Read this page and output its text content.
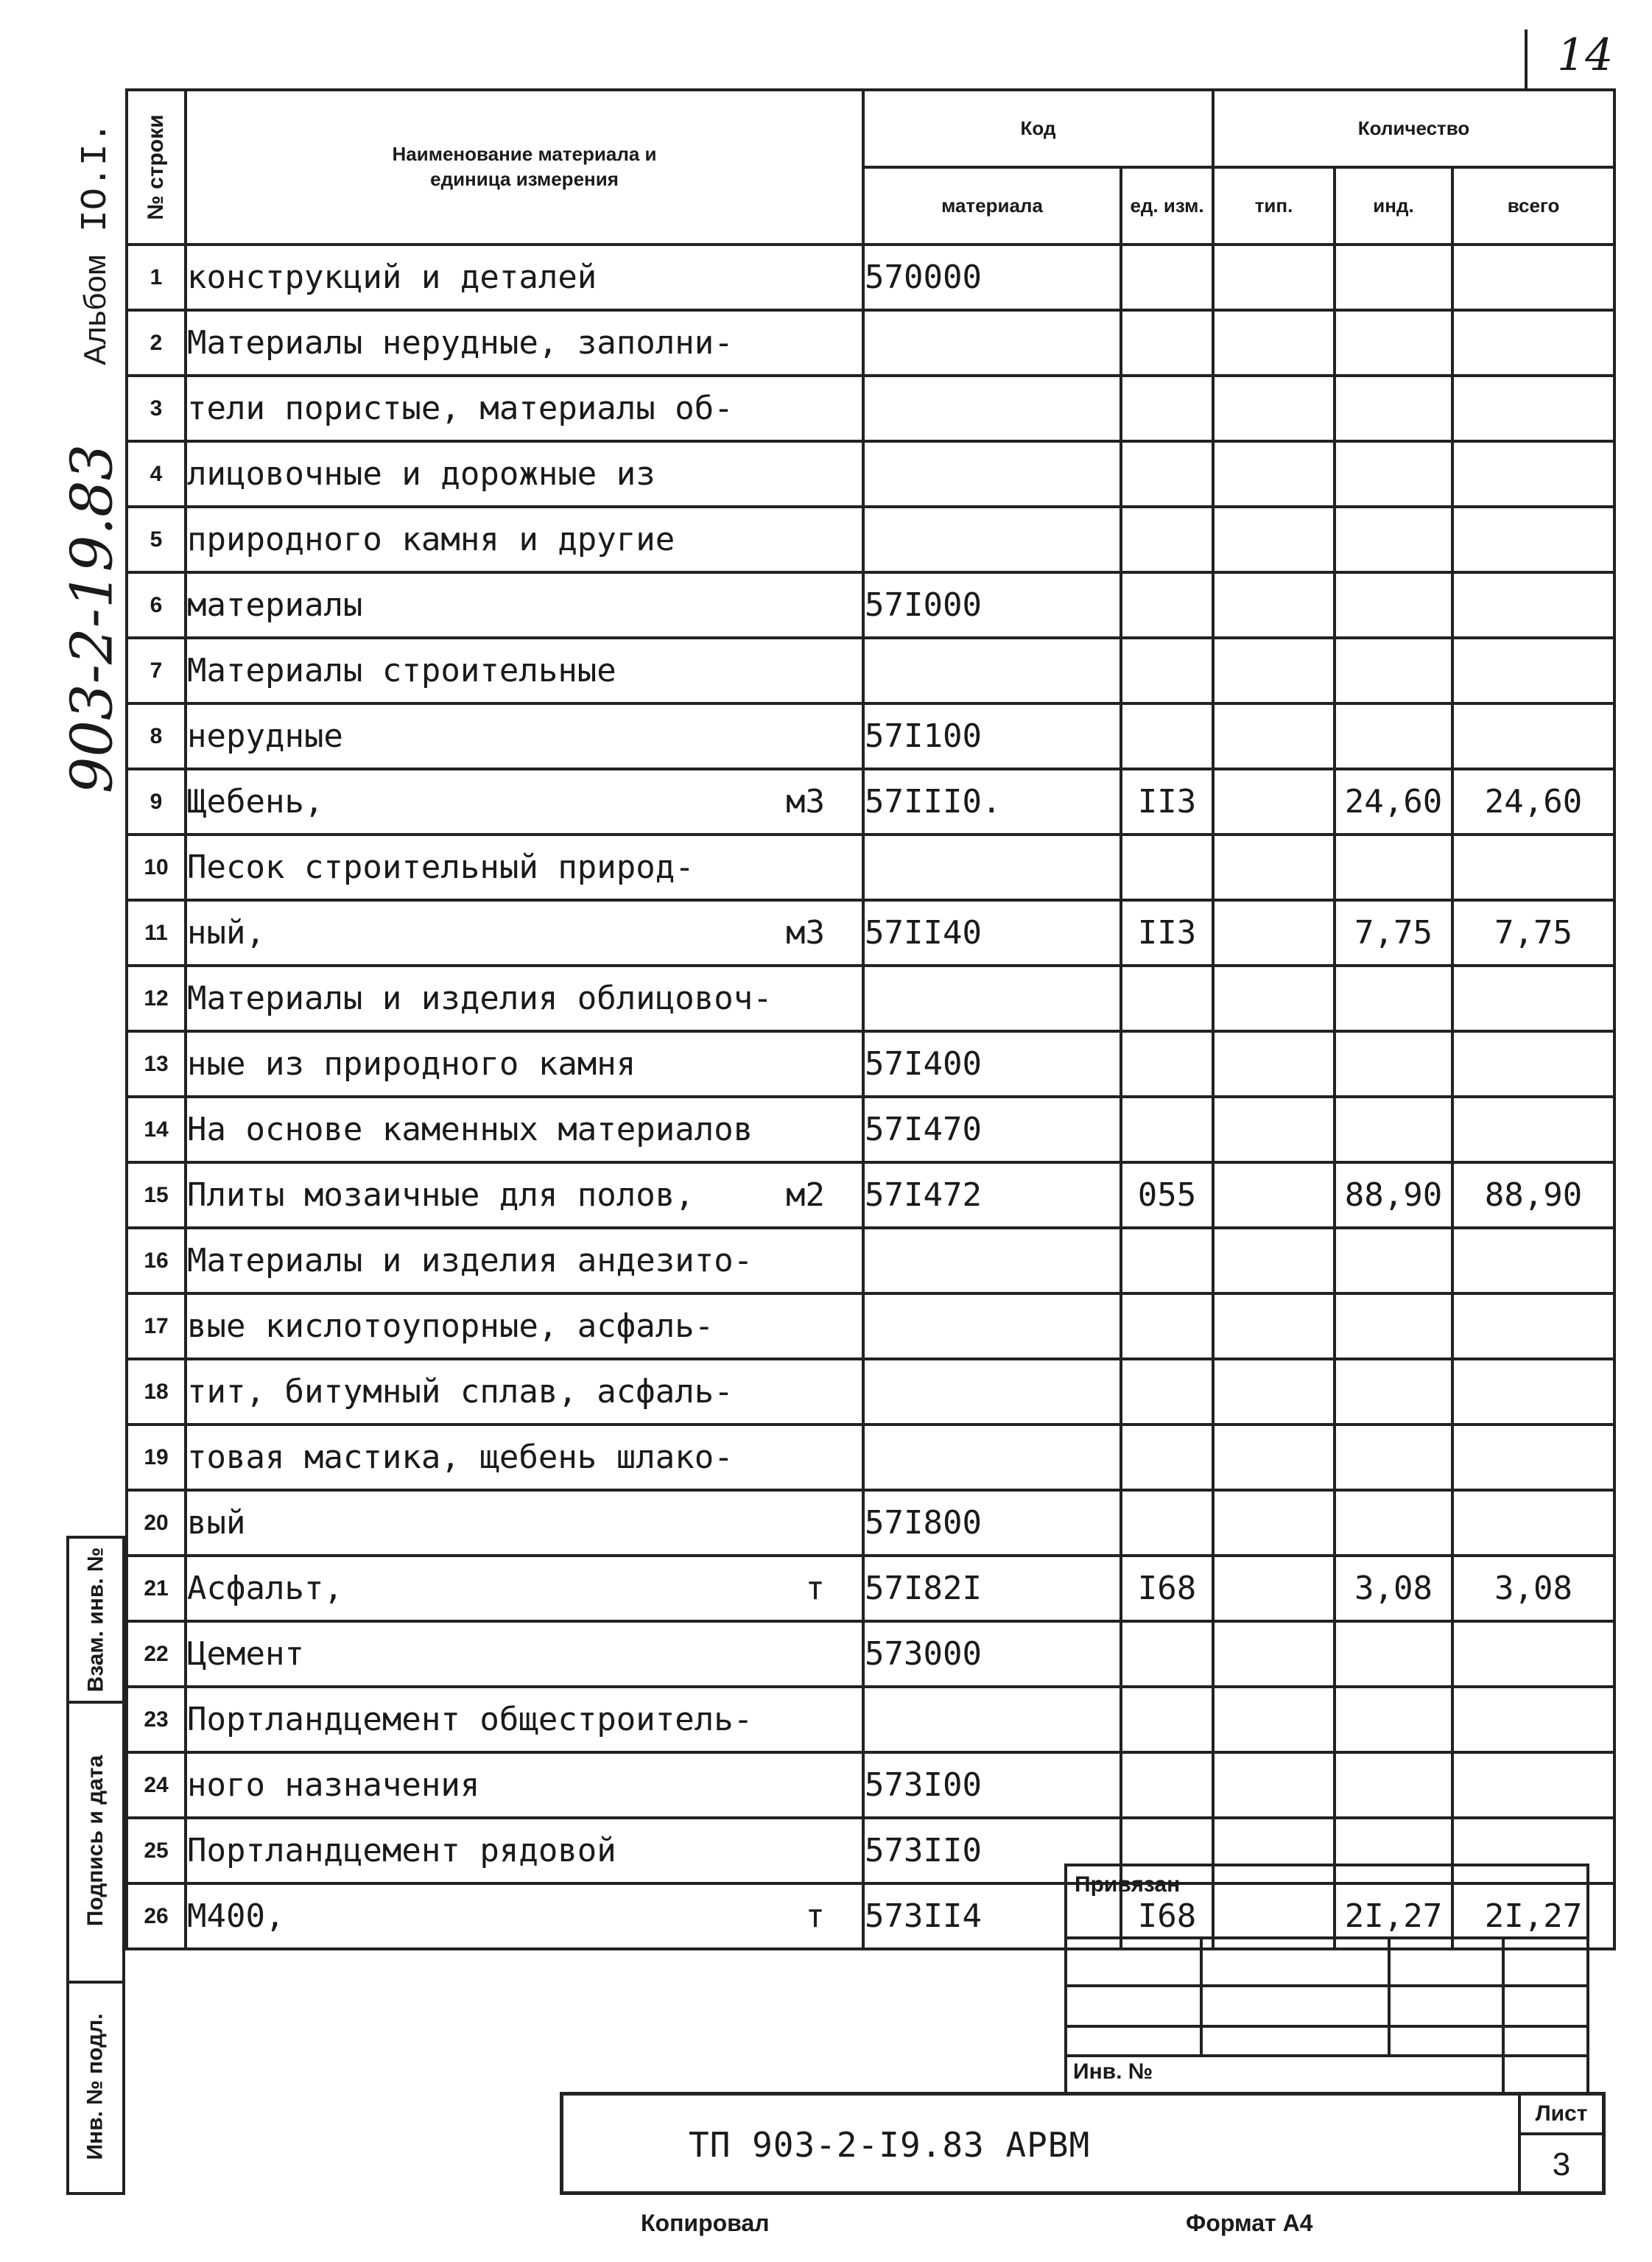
14
АльбомIO.I.
903-2-19.83
Взам. инв. №
Подпись и дата
Инв. № подл.
№ строки	Наименование материала и единица измерения	Код		Количество		
		материала	ед. изм.	тип.	инд.	всего
1	конструкций и деталей	570000				
2	Материалы нерудные, заполни-

3	тели пористые, материалы об-

4	лицовочные и дорожные из

5	природного камня и другие

6	материалы	57I000				
7	Материалы строительные

8	нерудные	57I100				
9	Щебень, м3	57III0.	II3		24,60	24,60
10	Песок строительный природ-

11	ный, м3	57II40	II3		7,75	7,75
12	Материалы и изделия облицовоч-

13	ные из природного камня	57I400				
14	На основе каменных материалов	57I470				
15	Плиты мозаичные для полов, м2	57I472	055		88,90	88,90
16	Материалы и изделия андезито-

17	вые кислотоупорные, асфаль-

18	тит, битумный сплав, асфаль-

19	товая мастика, щебень шлако-

20	вый	57I800				
21	Асфальт, т	57I82I	I68		3,08	3,08
22	Цемент	573000				
23	Портландцемент общестроитель-

24	ного назначения	573I00				
25	Портландцемент рядовой	573II0				
26	М400, т	573II4	I68		2I,27	2I,27
Привязан
Инв. №
ТП 903-2-I9.83 АРВМ
Лист
3
Копировал	Формат А4
